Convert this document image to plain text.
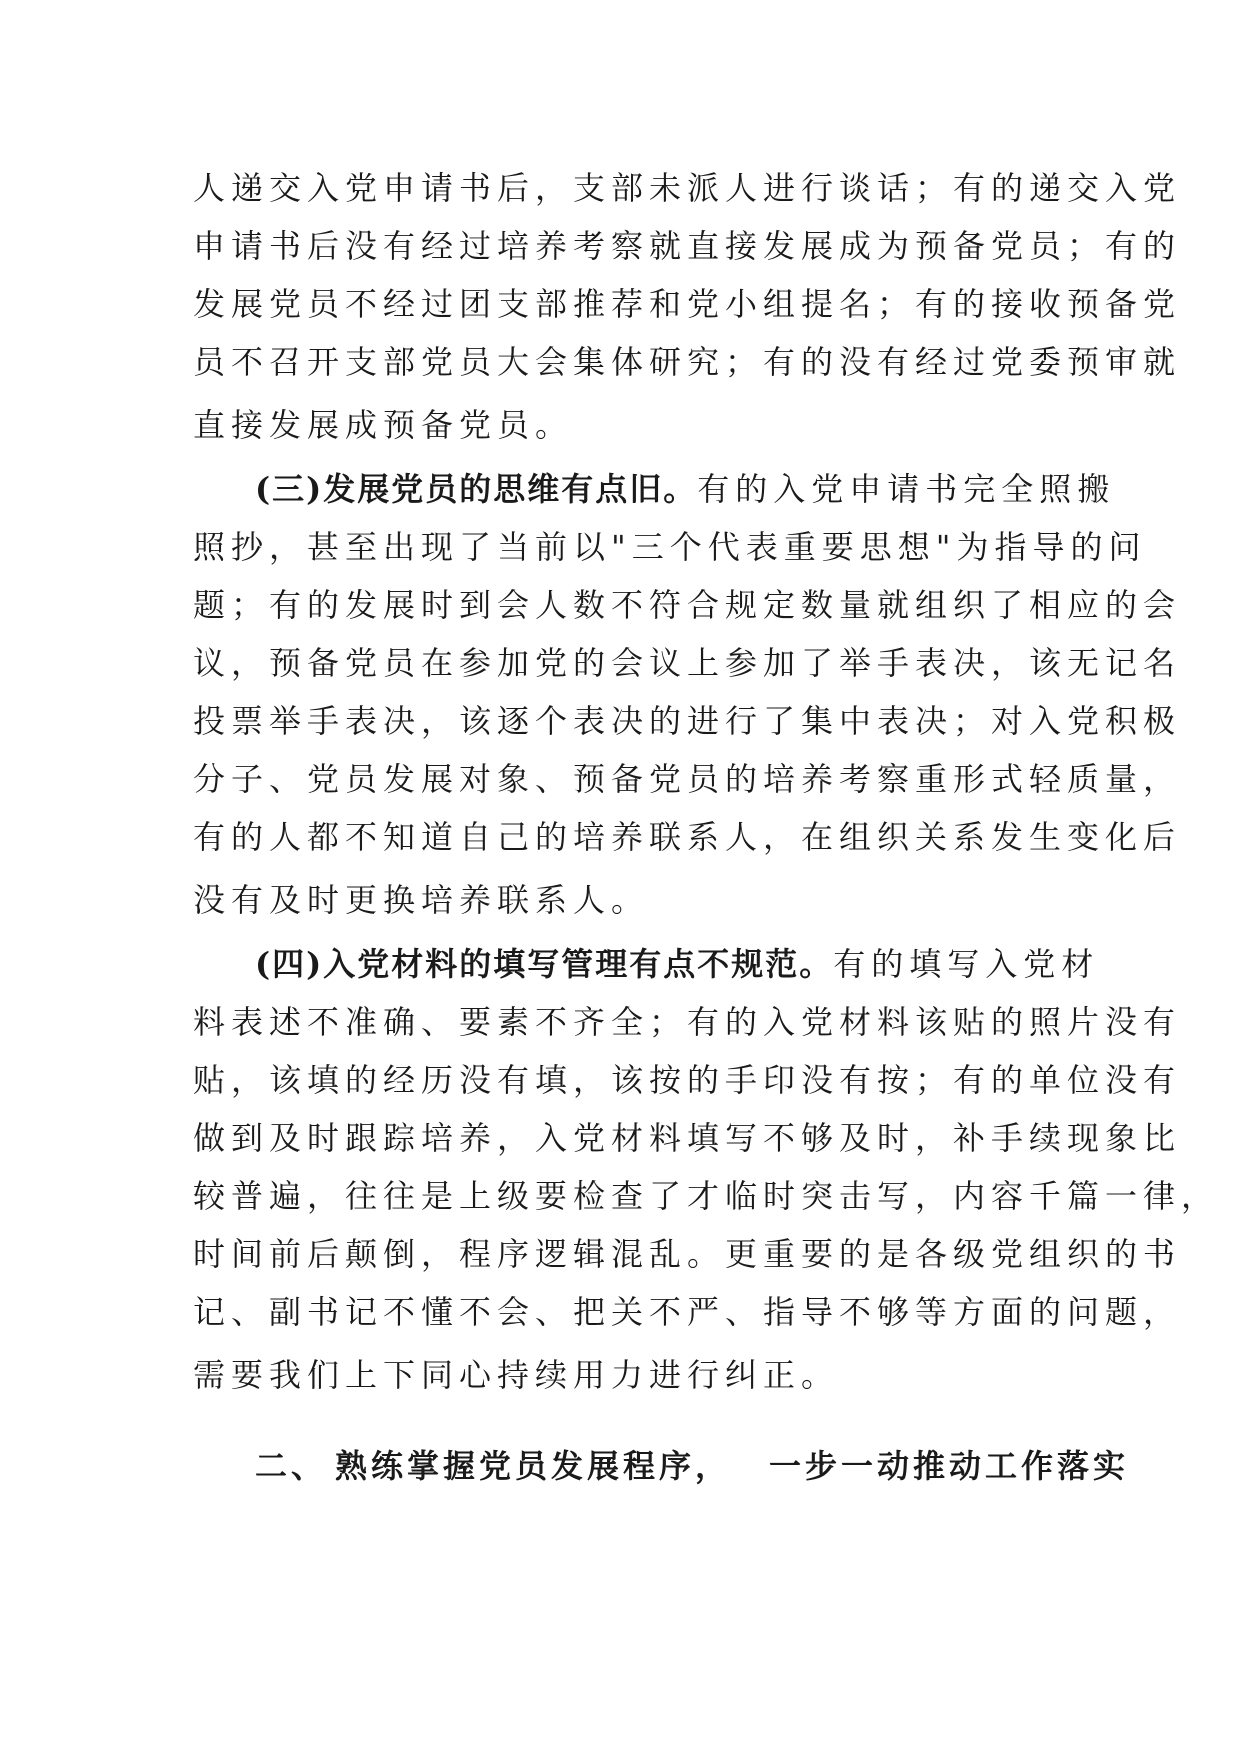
人递交入党申请书后，支部未派人进行谈话；有的递交入党
申请书后没有经过培养考察就直接发展成为预备党员；有的
发展党员不经过团支部推荐和党小组提名；有的接收预备党
员不召开支部党员大会集体研究；有的没有经过党委预审就
直接发展成预备党员。
(三)发展党员的思维有点旧。有的入党申请书完全照搬
照抄，甚至出现了当前以"三个代表重要思想"为指导的问
题；有的发展时到会人数不符合规定数量就组织了相应的会
议，预备党员在参加党的会议上参加了举手表决，该无记名
投票举手表决，该逐个表决的进行了集中表决；对入党积极
分子、党员发展对象、预备党员的培养考察重形式轻质量，
有的人都不知道自己的培养联系人，在组织关系发生变化后
没有及时更换培养联系人。
(四)入党材料的填写管理有点不规范。有的填写入党材
料表述不准确、要素不齐全；有的入党材料该贴的照片没有
贴，该填的经历没有填，该按的手印没有按；有的单位没有
做到及时跟踪培养，入党材料填写不够及时，补手续现象比
较普遍，往往是上级要检查了才临时突击写，内容千篇一律，
时间前后颠倒，程序逻辑混乱。更重要的是各级党组织的书
记、副书记不懂不会、把关不严、指导不够等方面的问题，
需要我们上下同心持续用力进行纠正。
二、 熟练掌握党员发展程序， 一步一动推动工作落实
